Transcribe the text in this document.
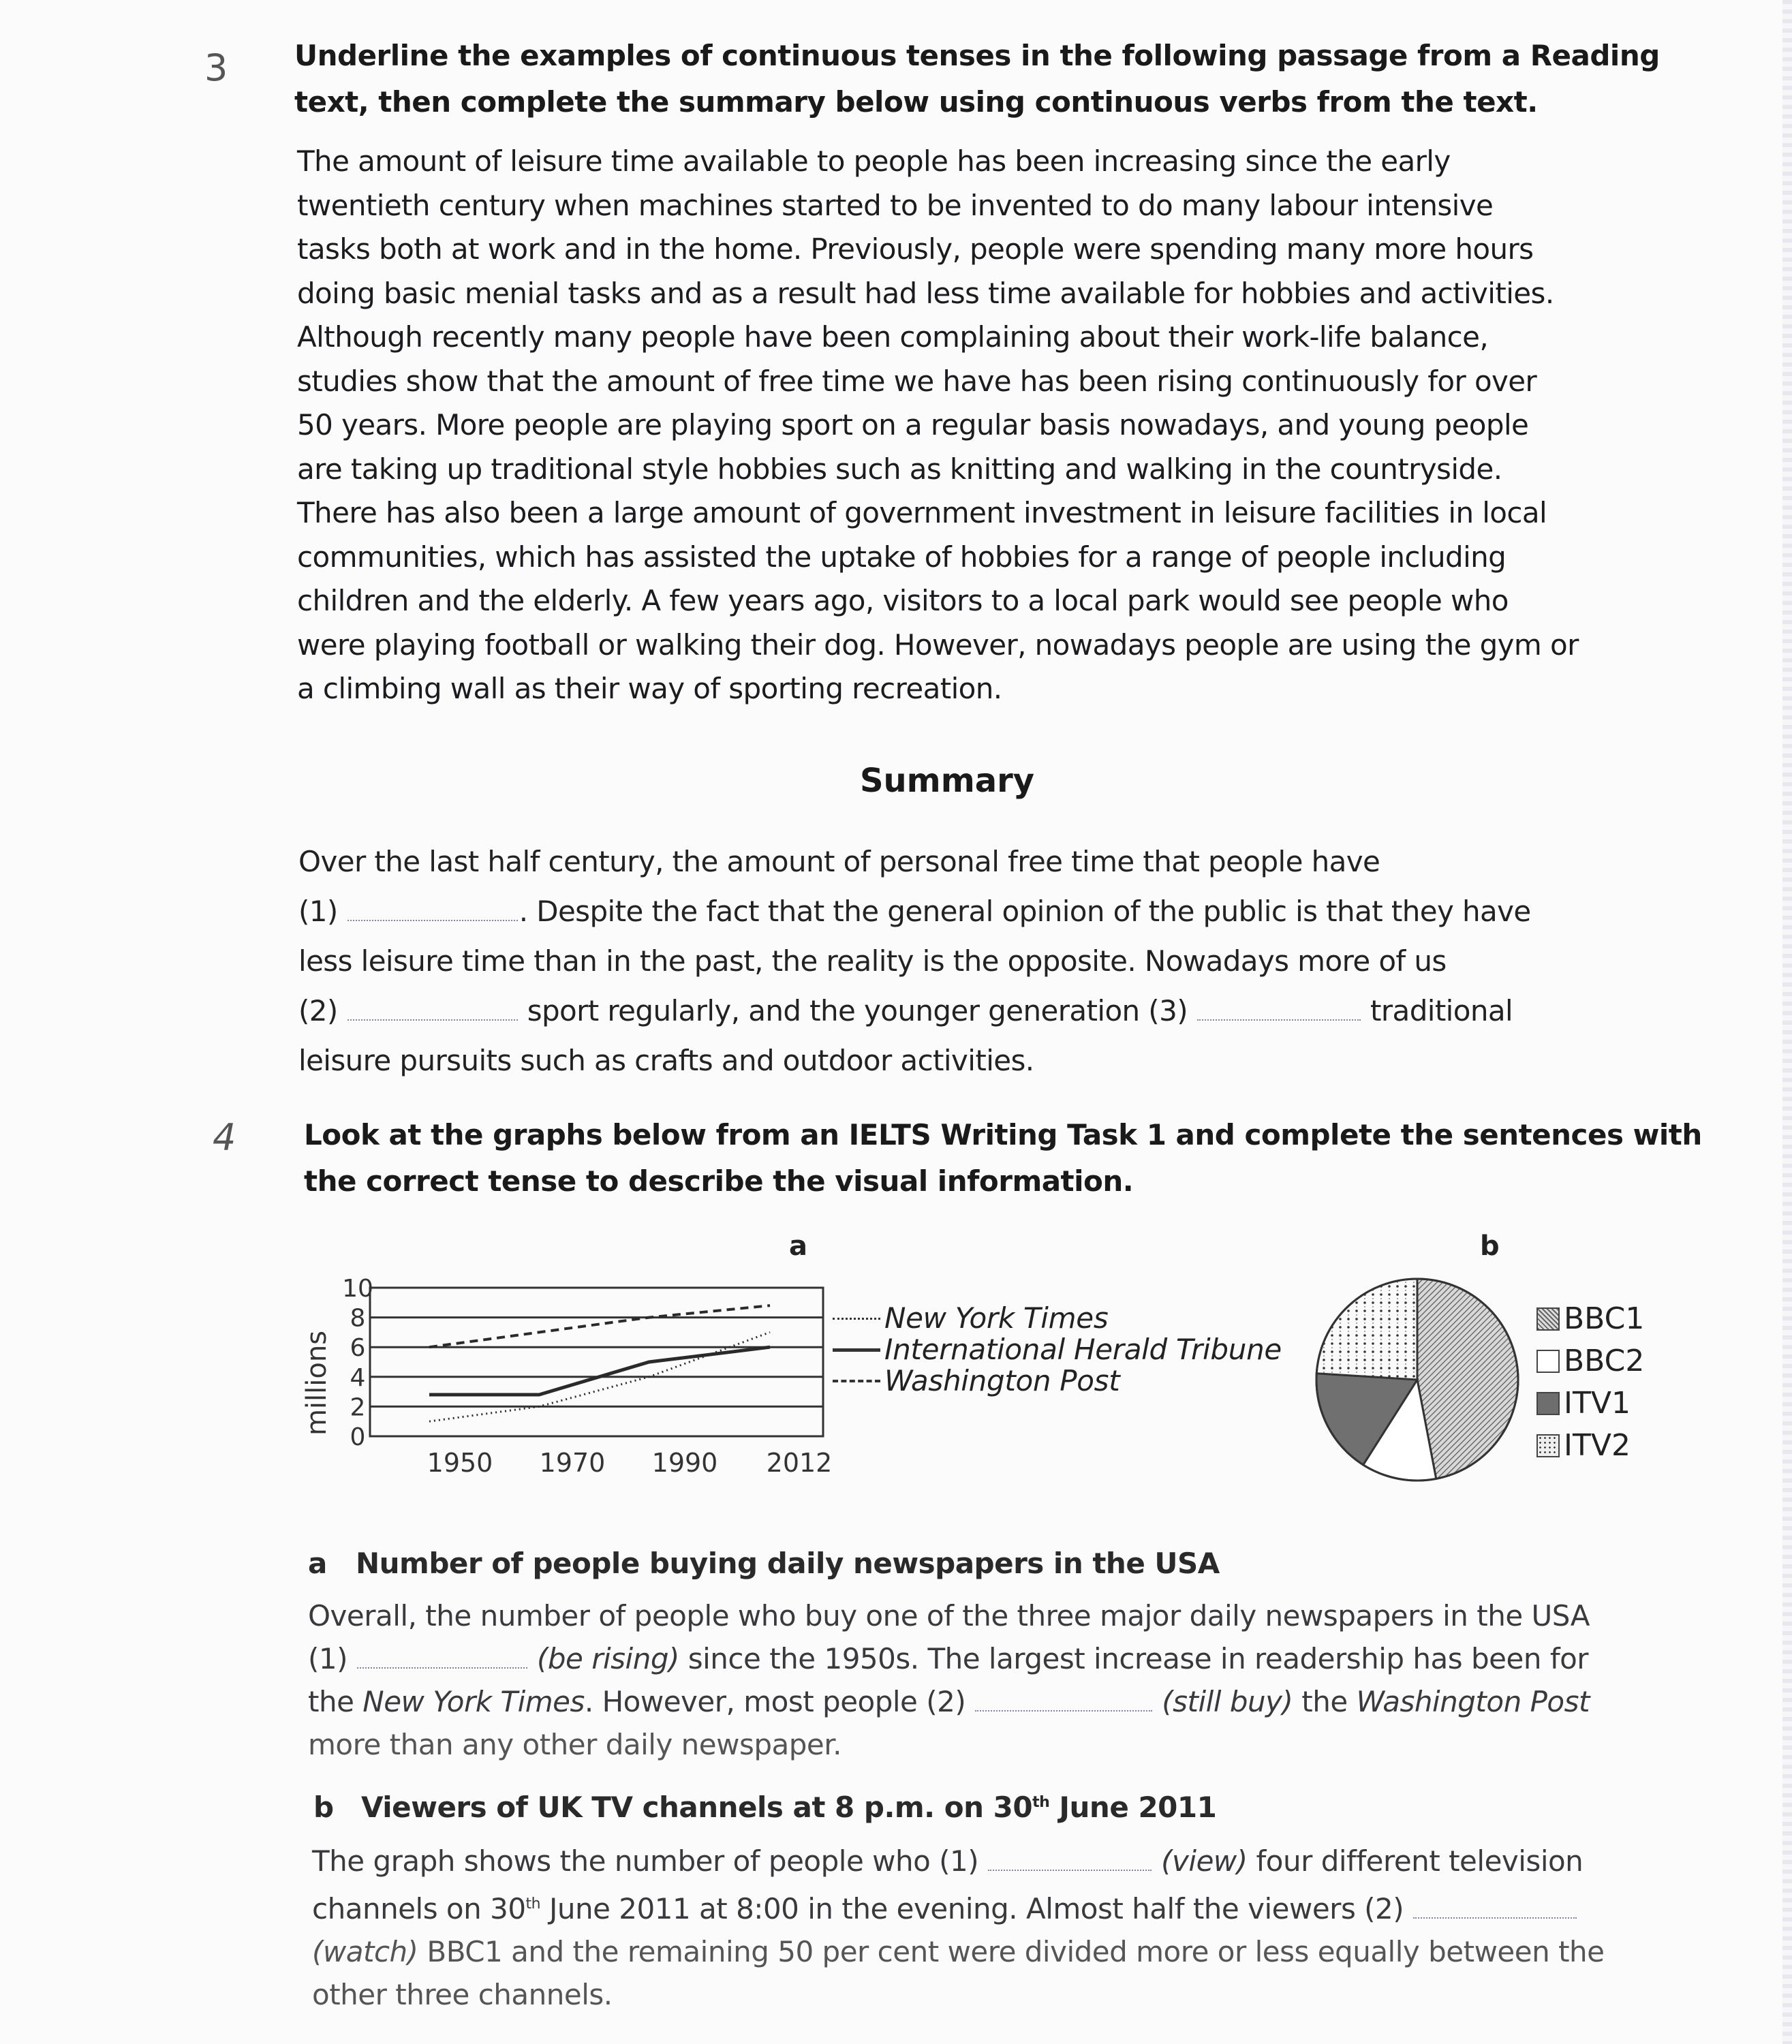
3 Underline the examples of continuous tenses in the following passage from a Reading
text, then complete the summary below using continuous verbs from the text.
The amount of leisure time available to people has been increasing since the early
twentieth century when machines started to be invented to do many labour intensive
tasks both at work and in the home. Previously, people were spending many more hours
doing basic menial tasks and as a result had less time available for hobbies and activities.
Although recently many people have been complaining about their work-life balance,
studies show that the amount of free time we have has been rising continuously for over
50 years. More people are playing sport on a regular basis nowadays, and young people
are taking up traditional style hobbies such as knitting and walking in the countryside.
There has also been a large amount of government investment in leisure facilities in local
communities, which has assisted the uptake of hobbies for a range of people including
children and the elderly. A few years ago, visitors to a local park would see people who
were playing football or walking their dog. However, nowadays people are using the gym or
a climbing wall as their way of sporting recreation.
Summary
Over the last half century, the amount of personal free time that people have
(1)	. Despite the fact that the general opinion of the public is that they have
less leisure time than in the past, the reality is the opposite. Nowadays more of us
(2)	sport regularly, and the younger generation (3)	traditional
leisure pursuits such as crafts and outdoor activities.
4 Look at the graphs below from an IELTS Writing Task 1 and complete the sentences with
the correct tense to describe the visual information.
a	b
millions
0
2
4
6
8
10
1950 1970 1990 2012
New York Times
International Herald Tribune
Washington Post
BBC1
BBC2
ITV1
ITV2
a Number of people buying daily newspapers in the USA
Overall, the number of people who buy one of the three major daily newspapers in the USA
(1)	(be rising) since the 1950s. The largest increase in readership has been for
the New York Times. However, most people (2)	(still buy) the Washington Post
more than any other daily newspaper.
b Viewers of UK TV channels at 8 p.m. on 30th June 2011
The graph shows the number of people who (1)	(view) four different television
channels on 30th June 2011 at 8:00 in the evening. Almost half the viewers (2)
(watch) BBC1 and the remaining 50 per cent were divided more or less equally between the
other three channels.
